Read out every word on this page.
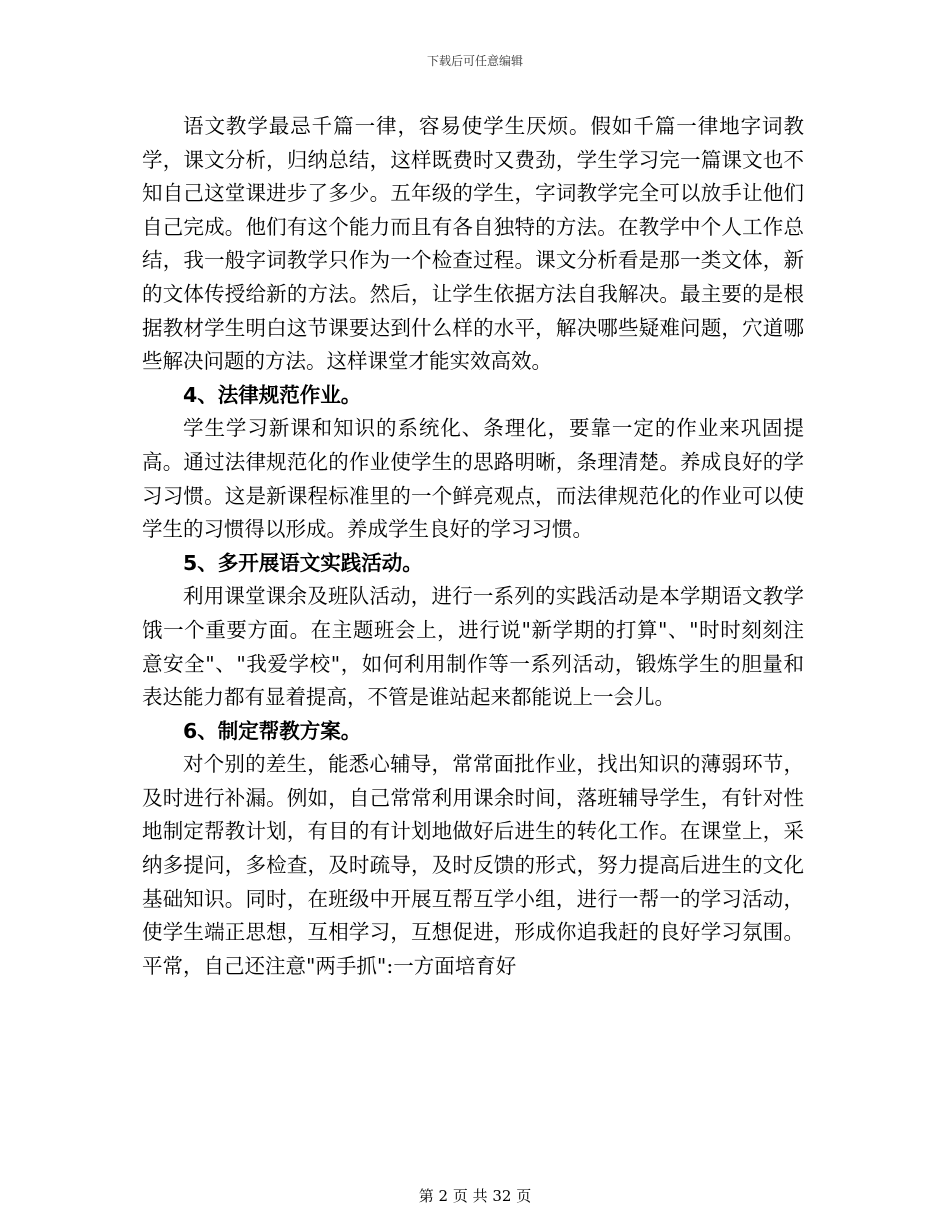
下载后可任意编辑

语文教学最忌千篇一律，容易使学生厌烦。假如千篇一律地字词教学，课文分析，归纳总结，这样既费时又费劲，学生学习完一篇课文也不知自己这堂课进步了多少。五年级的学生，字词教学完全可以放手让他们自己完成。他们有这个能力而且有各自独特的方法。在教学中个人工作总结，我一般字词教学只作为一个检查过程。课文分析看是那一类文体，新的文体传授给新的方法。然后，让学生依据方法自我解决。最主要的是根据教材学生明白这节课要达到什么样的水平，解决哪些疑难问题，穴道哪些解决问题的方法。这样课堂才能实效高效。

4、法律规范作业。

学生学习新课和知识的系统化、条理化，要靠一定的作业来巩固提高。通过法律规范化的作业使学生的思路明晰，条理清楚。养成良好的学习习惯。这是新课程标准里的一个鲜亮观点，而法律规范化的作业可以使学生的习惯得以形成。养成学生良好的学习习惯。

5、多开展语文实践活动。

利用课堂课余及班队活动，进行一系列的实践活动是本学期语文教学饿一个重要方面。在主题班会上，进行说"新学期的打算"、"时时刻刻注意安全"、"我爱学校"，如何利用制作等一系列活动，锻炼学生的胆量和表达能力都有显着提高，不管是谁站起来都能说上一会儿。

6、制定帮教方案。

对个别的差生，能悉心辅导，常常面批作业，找出知识的薄弱环节，及时进行补漏。例如，自己常常利用课余时间，落班辅导学生，有针对性地制定帮教计划，有目的有计划地做好后进生的转化工作。在课堂上，采纳多提问，多检查，及时疏导，及时反馈的形式，努力提高后进生的文化基础知识。同时，在班级中开展互帮互学小组，进行一帮一的学习活动，使学生端正思想，互相学习，互想促进，形成你追我赶的良好学习氛围。平常，自己还注意"两手抓":一方面培育好

第 2 页 共 32 页
